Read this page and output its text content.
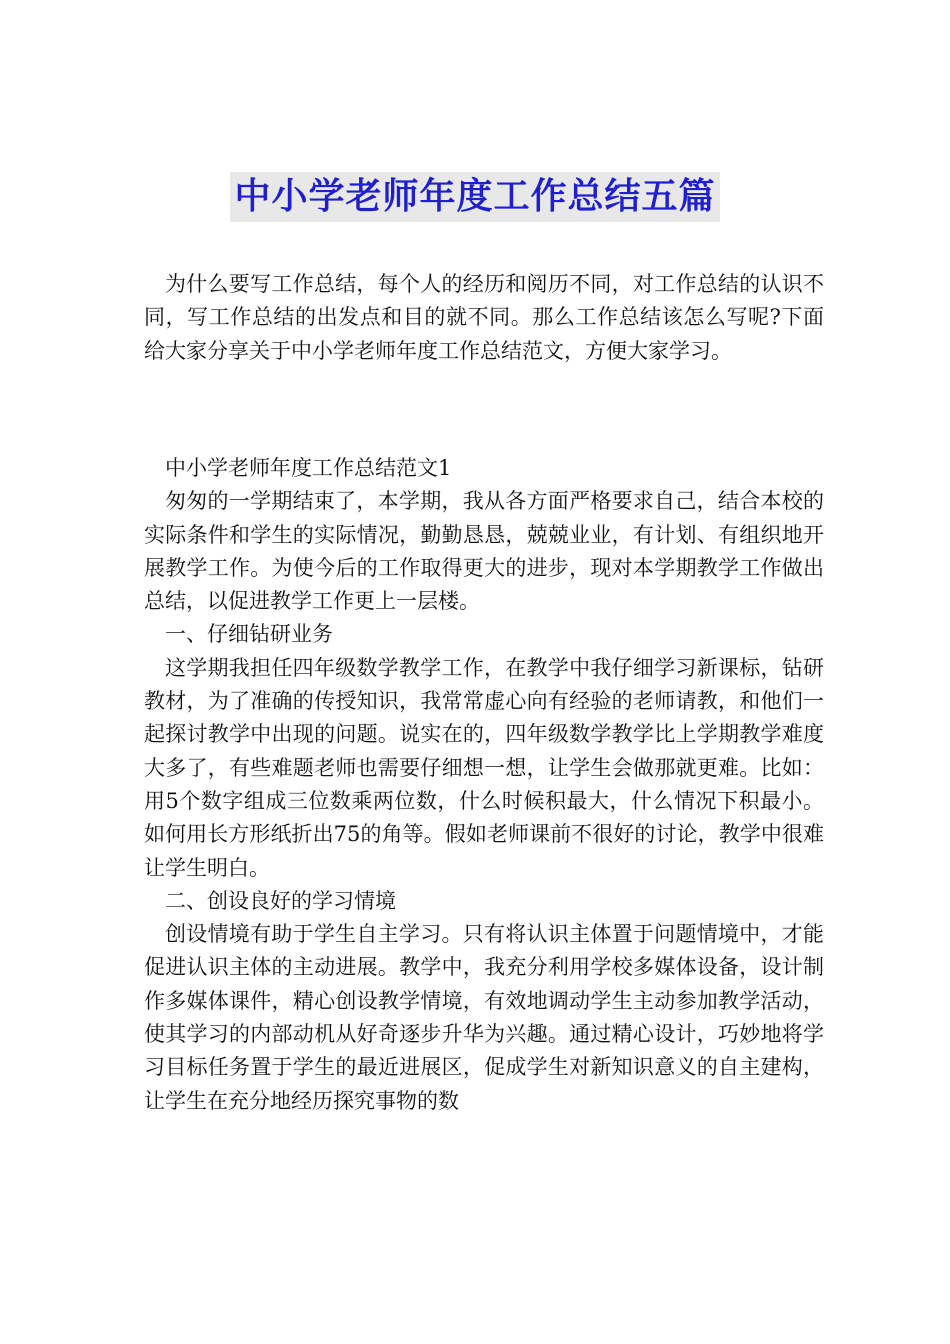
中小学老师年度工作总结五篇

为什么要写工作总结，每个人的经历和阅历不同，对工作总结的认识不同，写工作总结的出发点和目的就不同。那么工作总结该怎么写呢?下面给大家分享关于中小学老师年度工作总结范文，方便大家学习。

中小学老师年度工作总结范文1

匆匆的一学期结束了，本学期，我从各方面严格要求自己，结合本校的实际条件和学生的实际情况，勤勤恳恳，兢兢业业，有计划、有组织地开展教学工作。为使今后的工作取得更大的进步，现对本学期教学工作做出总结，以促进教学工作更上一层楼。

一、仔细钻研业务

这学期我担任四年级数学教学工作，在教学中我仔细学习新课标，钻研教材，为了准确的传授知识，我常常虚心向有经验的老师请教，和他们一起探讨教学中出现的问题。说实在的，四年级数学教学比上学期教学难度大多了，有些难题老师也需要仔细想一想，让学生会做那就更难。比如：用5个数字组成三位数乘两位数，什么时候积最大，什么情况下积最小。如何用长方形纸折出75的角等。假如老师课前不很好的讨论，教学中很难让学生明白。

二、创设良好的学习情境

创设情境有助于学生自主学习。只有将认识主体置于问题情境中，才能促进认识主体的主动进展。教学中，我充分利用学校多媒体设备，设计制作多媒体课件，精心创设教学情境，有效地调动学生主动参加教学活动，使其学习的内部动机从好奇逐步升华为兴趣。通过精心设计，巧妙地将学习目标任务置于学生的最近进展区，促成学生对新知识意义的自主建构，让学生在充分地经历探究事物的数
